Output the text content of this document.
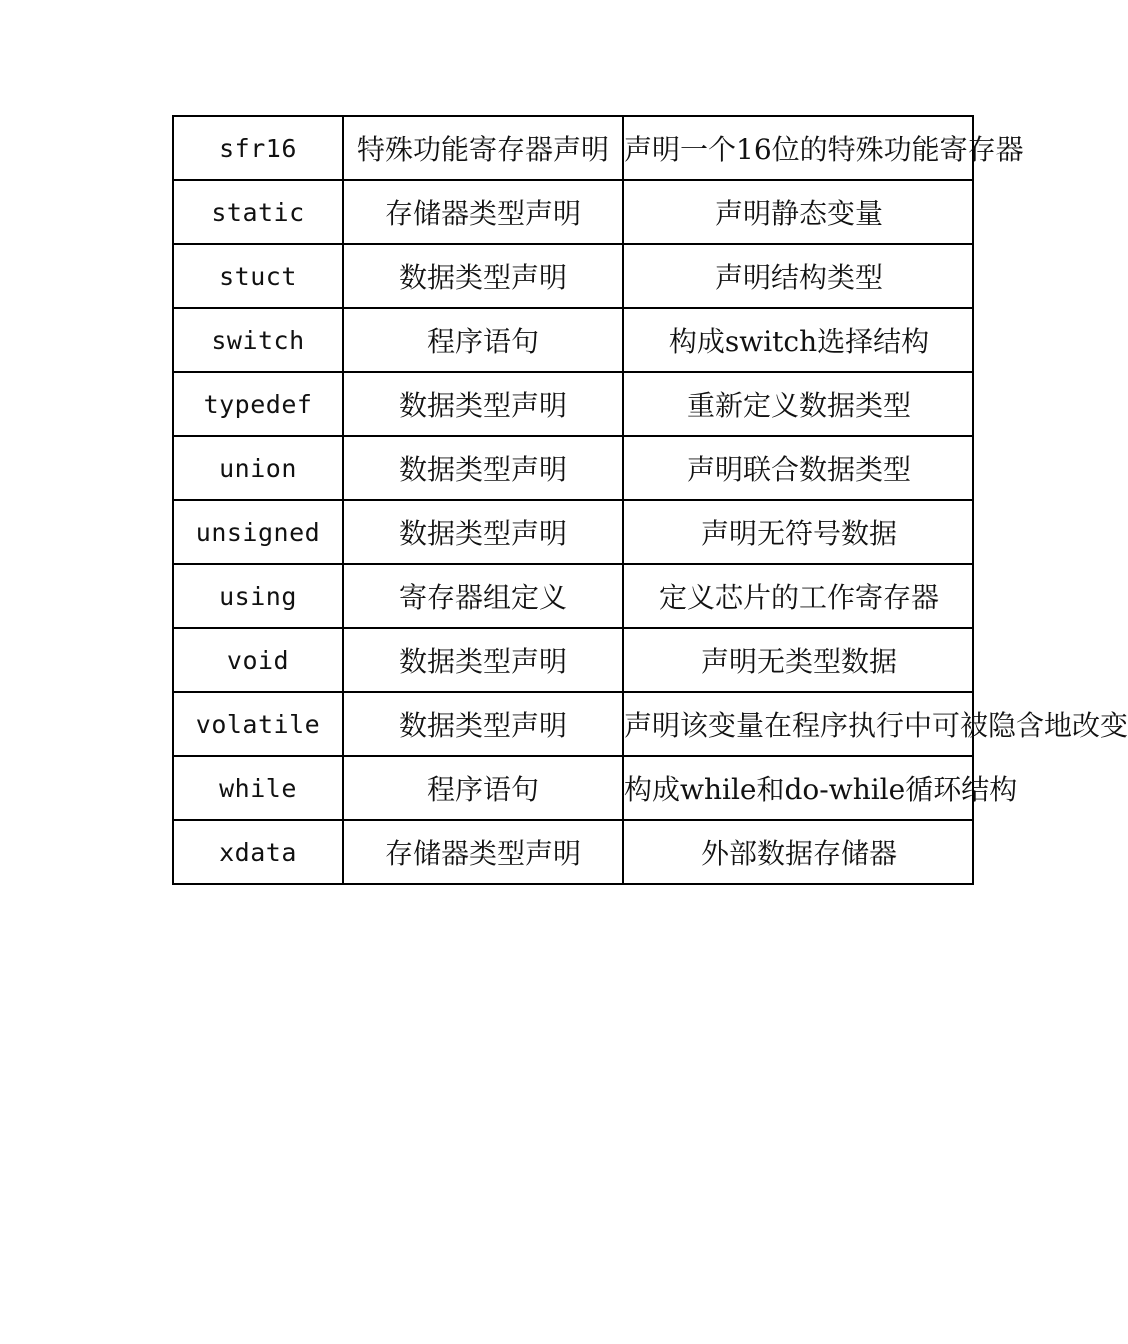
sfr16	特殊功能寄存器声明	声明一个16位的特殊功能寄存器

static	存储器类型声明	声明静态变量

stuct	数据类型声明	声明结构类型

switch	程序语句	构成switch选择结构

typedef	数据类型声明	重新定义数据类型

union	数据类型声明	声明联合数据类型

unsigned	数据类型声明	声明无符号数据

using	寄存器组定义	定义芯片的工作寄存器

void	数据类型声明	声明无类型数据

volatile	数据类型声明	声明该变量在程序执行中可被隐含地改变

while	程序语句	构成while和do-while循环结构

xdata	存储器类型声明	外部数据存储器
